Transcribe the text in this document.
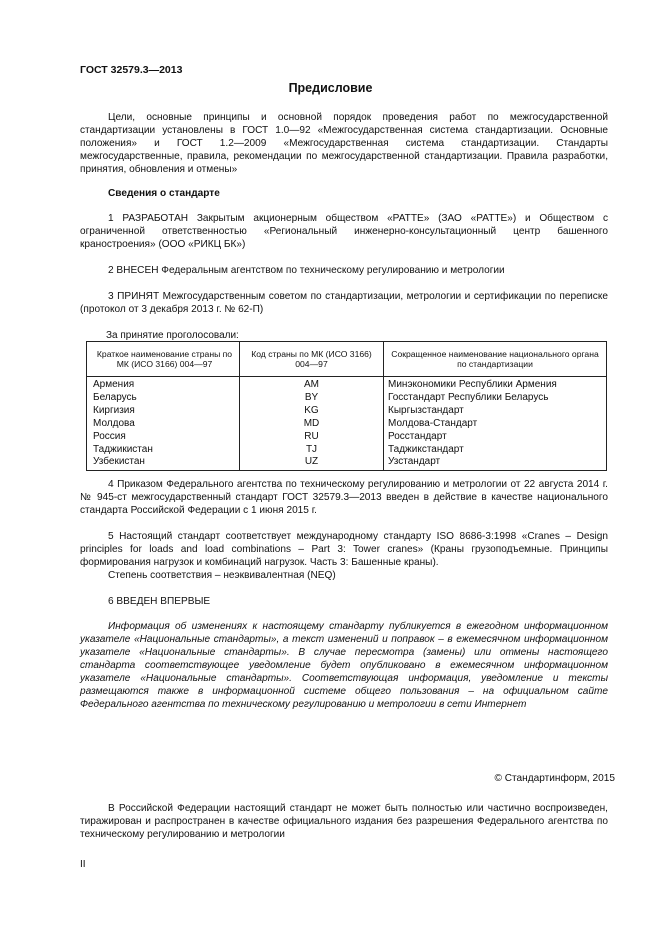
ГОСТ 32579.3—2013
Предисловие

Цели, основные принципы и основной порядок проведения работ по межгосударственной стандартизации установлены в ГОСТ 1.0—92 «Межгосударственная система стандартизации. Основные положения» и ГОСТ 1.2—2009 «Межгосударственная система стандартизации. Стандарты межгосударственные, правила, рекомендации по межгосударственной стандартизации. Правила разработки, принятия, обновления и отмены»

Сведения о стандарте

1 РАЗРАБОТАН Закрытым акционерным обществом «РАТТЕ» (ЗАО «РАТТЕ») и Обществом с ограниченной ответственностью «Региональный инженерно-консультационный центр башенного краностроения» (ООО «РИКЦ БК»)

2 ВНЕСЕН Федеральным агентством по техническому регулированию и метрологии

3 ПРИНЯТ Межгосударственным советом по стандартизации, метрологии и сертификации по переписке (протокол от 3 декабря 2013 г. № 62-П)

За принятие проголосовали:
Краткое наименование страны по МК (ИСО 3166) 004—97	Код страны по МК (ИСО 3166) 004—97	Сокращенное наименование национального органа по стандартизации
Армения	AM	Минэкономики Республики Армения
Беларусь	BY	Госстандарт Республики Беларусь
Киргизия	KG	Кыргызстандарт
Молдова	MD	Молдова-Стандарт
Россия	RU	Росстандарт
Таджикистан	TJ	Таджикстандарт
Узбекистан	UZ	Узстандарт

4 Приказом Федерального агентства по техническому регулированию и метрологии от 22 августа 2014 г. № 945-ст межгосударственный стандарт ГОСТ 32579.3—2013 введен в действие в качестве национального стандарта Российской Федерации с 1 июня 2015 г.

5 Настоящий стандарт соответствует международному стандарту ISO 8686-3:1998 «Cranes – Design principles for loads and load combinations – Part 3: Tower cranes» (Краны грузоподъемные. Принципы формирования нагрузок и комбинаций нагрузок. Часть 3: Башенные краны).

Степень соответствия – неэквивалентная (NEQ)

6 ВВЕДЕН ВПЕРВЫЕ

Информация об изменениях к настоящему стандарту публикуется в ежегодном информационном указателе «Национальные стандарты», а текст изменений и поправок – в ежемесячном информационном указателе «Национальные стандарты». В случае пересмотра (замены) или отмены настоящего стандарта соответствующее уведомление будет опубликовано в ежемесячном информационном указателе «Национальные стандарты». Соответствующая информация, уведомление и тексты размещаются также в информационной системе общего пользования – на официальном сайте Федерального агентства по техническому регулированию и метрологии в сети Интернет

© Стандартинформ, 2015

В Российской Федерации настоящий стандарт не может быть полностью или частично воспроизведен, тиражирован и распространен в качестве официального издания без разрешения Федерального агентства по техническому регулированию и метрологии

II
